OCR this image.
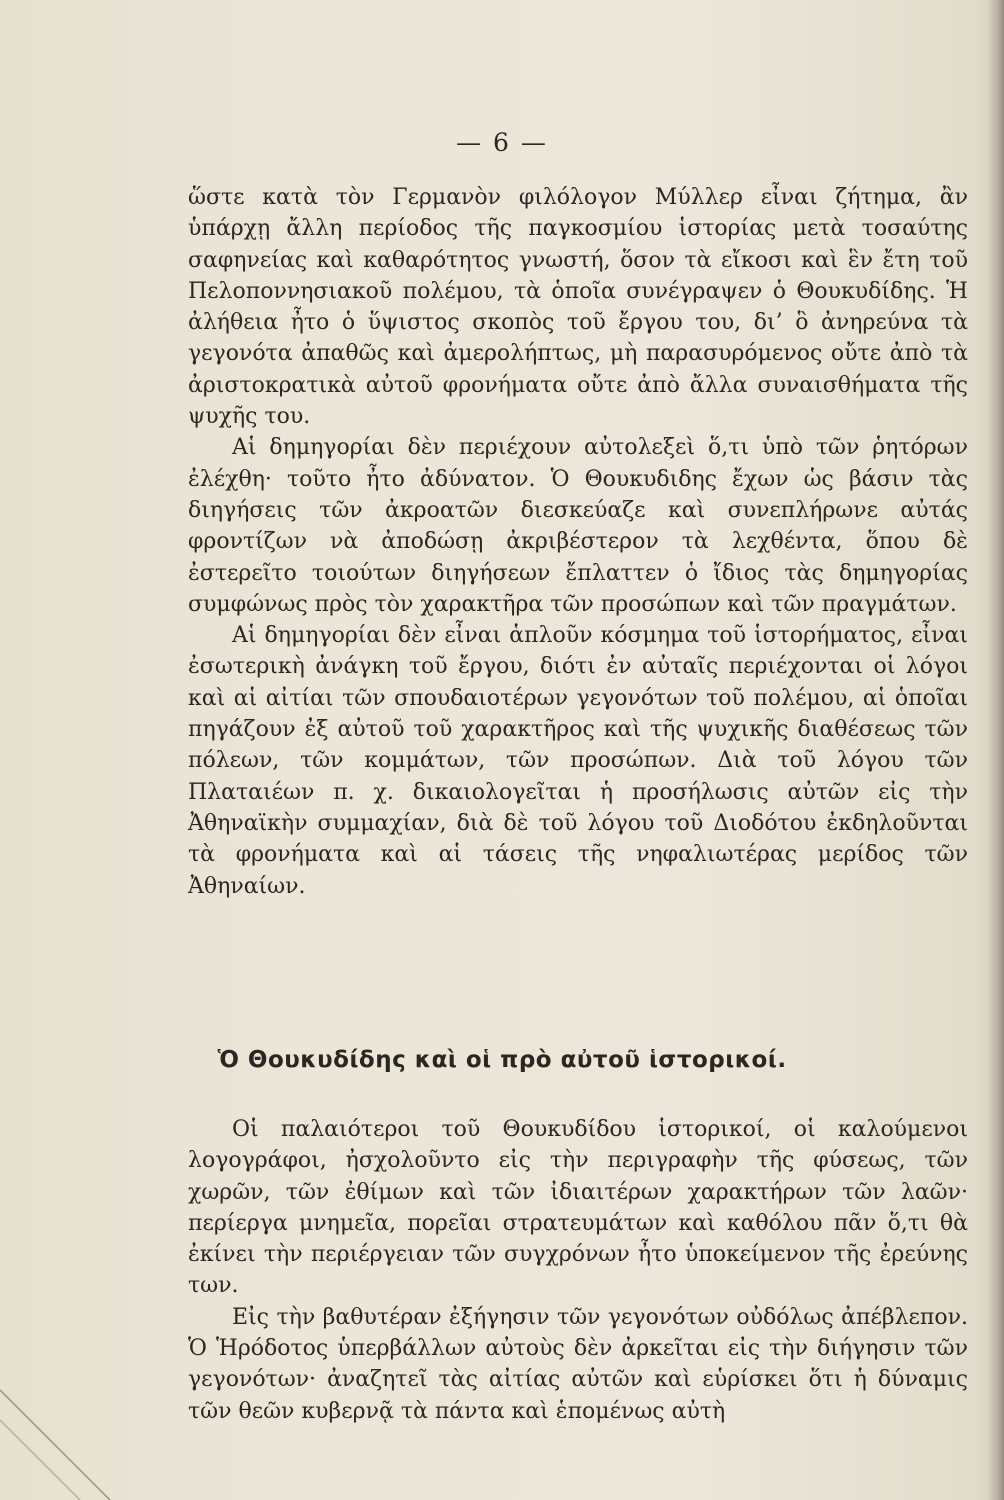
— 6 —

ὥστε κατὰ τὸν Γερμανὸν φιλόλογον Μύλλερ εἶναι ζήτημα, ἂν ὑπάρχῃ ἄλλη περίοδος τῆς παγκοσμίου ἱστορίας μετὰ τοσαύτης σαφηνείας καὶ καθαρότητος γνωστή, ὅσον τὰ εἴκοσι καὶ ἓν ἔτη τοῦ Πελοποννησιακοῦ πολέμου, τὰ ὁποῖα συνέγραψεν ὁ Θουκυδίδης. Ἡ ἀλήθεια ἦτο ὁ ὕψιστος σκοπὸς τοῦ ἔργου του, δι’ ὃ ἀνηρεύνα τὰ γεγονότα ἀπαθῶς καὶ ἀμερολήπτως, μὴ παρασυρόμενος οὔτε ἀπὸ τὰ ἀριστοκρατικὰ αὐτοῦ φρονήματα οὔτε ἀπὸ ἄλλα συναισθήματα τῆς ψυχῆς του.

Αἱ δημηγορίαι δὲν περιέχουν αὐτολεξεὶ ὅ,τι ὑπὸ τῶν ῥητόρων ἐλέχθη· τοῦτο ἦτο ἀδύνατον. Ὁ Θουκυδιδης ἔχων ὡς βάσιν τὰς διηγήσεις τῶν ἀκροατῶν διεσκεύαζε καὶ συνεπλήρωνε αὐτάς φροντίζων νὰ ἀποδώσῃ ἀκριβέστερον τὰ λεχθέντα, ὅπου δὲ ἐστερεῖτο τοιούτων διηγήσεων ἔπλαττεν ὁ ἴδιος τὰς δημηγορίας συμφώνως πρὸς τὸν χαρακτῆρα τῶν προσώπων καὶ τῶν πραγμάτων.

Αἱ δημηγορίαι δὲν εἶναι ἁπλοῦν κόσμημα τοῦ ἱστορήματος, εἶναι ἐσωτερικὴ ἀνάγκη τοῦ ἔργου, διότι ἐν αὐταῖς περιέχονται οἱ λόγοι καὶ αἱ αἰτίαι τῶν σπουδαιοτέρων γεγονότων τοῦ πολέμου, αἱ ὁποῖαι πηγάζουν ἐξ αὐτοῦ τοῦ χαρακτῆρος καὶ τῆς ψυχικῆς διαθέσεως τῶν πόλεων, τῶν κομμάτων, τῶν προσώπων. Διὰ τοῦ λόγου τῶν Πλαταιέων π. χ. δικαιολογεῖται ἡ προσήλωσις αὐτῶν εἰς τὴν Ἀθηναϊκὴν συμμαχίαν, διὰ δὲ τοῦ λόγου τοῦ Διοδότου ἐκδηλοῦνται τὰ φρονήματα καὶ αἱ τάσεις τῆς νηφαλιωτέρας μερίδος τῶν Ἀθηναίων.

Ὁ Θουκυδίδης καὶ οἱ πρὸ αὐτοῦ ἱστορικοί.

Οἱ παλαιότεροι τοῦ Θουκυδίδου ἱστορικοί, οἱ καλούμενοι λογογράφοι, ἠσχολοῦντο εἰς τὴν περιγραφὴν τῆς φύσεως, τῶν χωρῶν, τῶν ἐθίμων καὶ τῶν ἰδιαιτέρων χαρακτήρων τῶν λαῶν· περίεργα μνημεῖα, πορεῖαι στρατευμάτων καὶ καθόλου πᾶν ὅ,τι θὰ ἐκίνει τὴν περιέργειαν τῶν συγχρόνων ἦτο ὑποκείμενον τῆς ἐρεύνης των.

Εἰς τὴν βαθυτέραν ἐξήγησιν τῶν γεγονότων οὐδόλως ἀπέβλεπον. Ὁ Ἡρόδοτος ὑπερβάλλων αὐτοὺς δὲν ἀρκεῖται εἰς τὴν διήγησιν τῶν γεγονότων· ἀναζητεῖ τὰς αἰτίας αὐτῶν καὶ εὑρίσκει ὅτι ἡ δύναμις τῶν θεῶν κυβερνᾷ τὰ πάντα καὶ ἑπομένως αὐτὴ
